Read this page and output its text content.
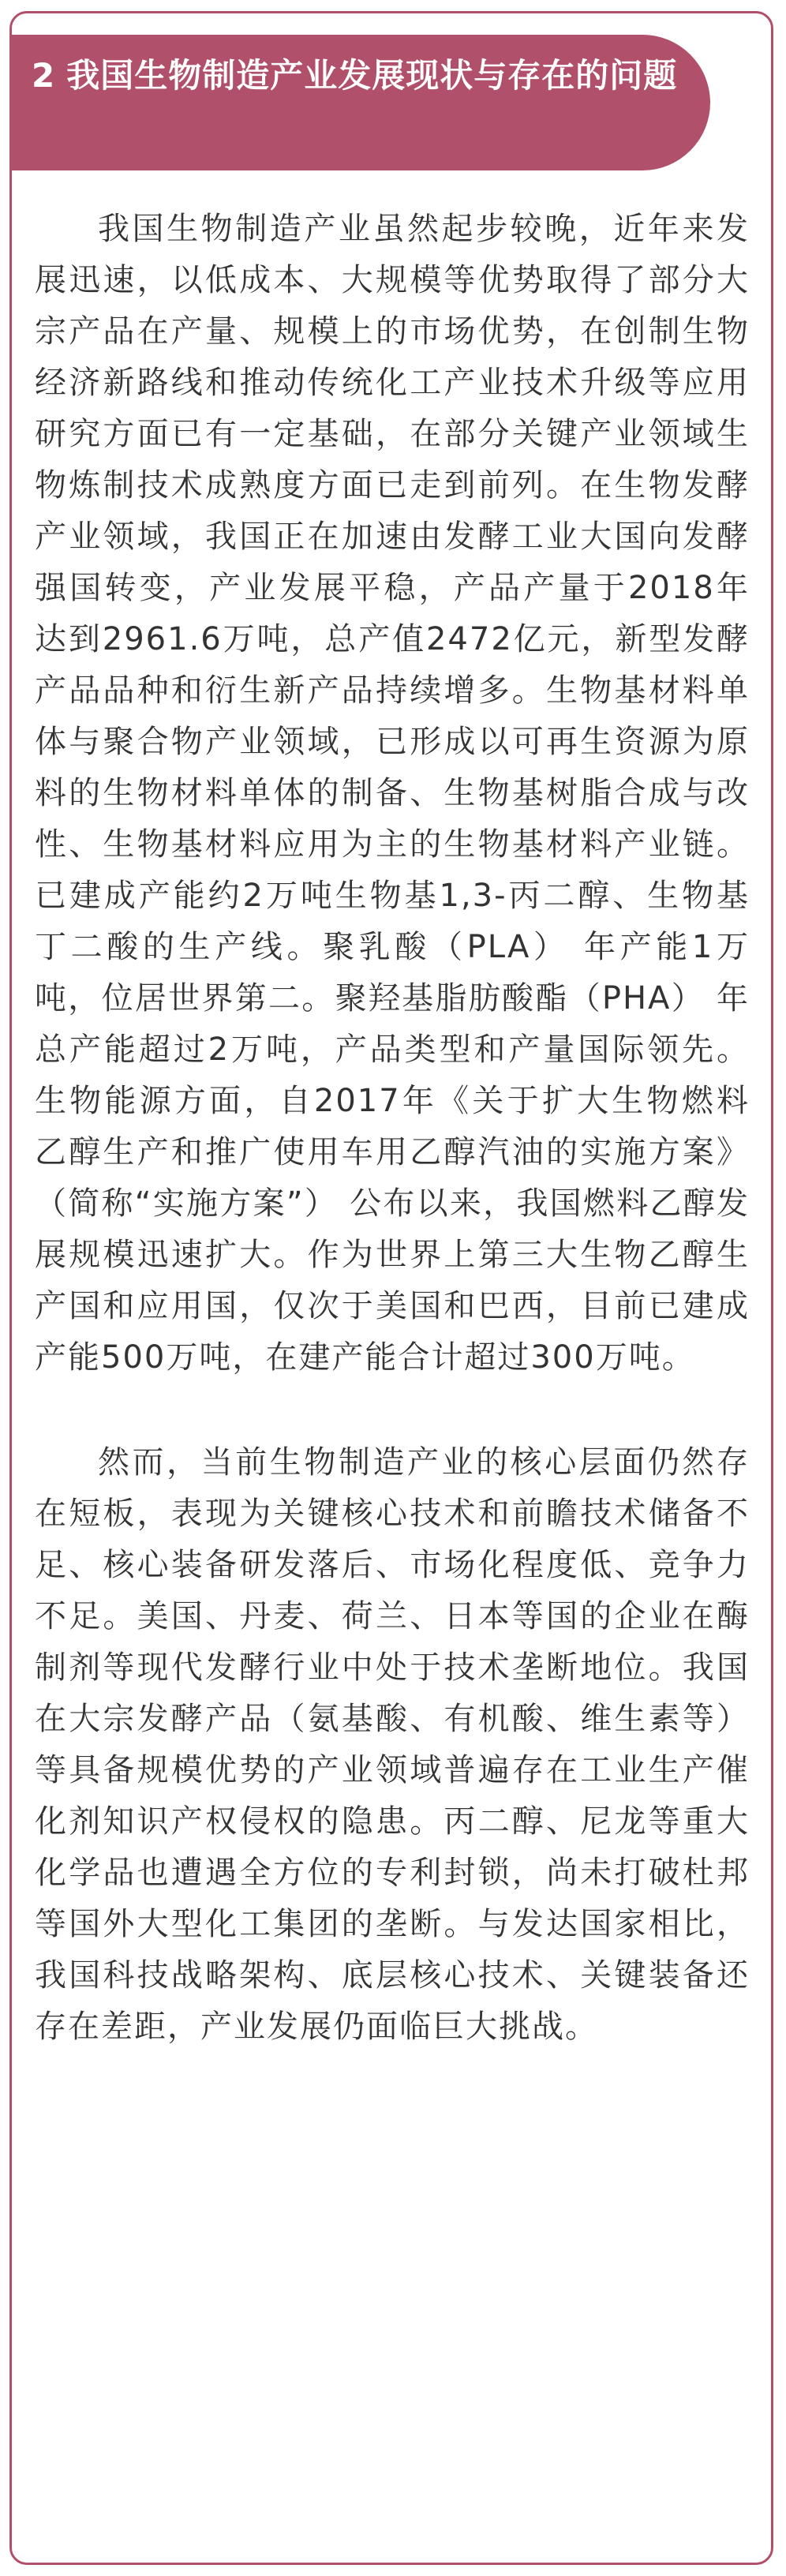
2 我国生物制造产业发展现状与存在的问题

我国生物制造产业虽然起步较晚，近年来发展迅速，以低成本、大规模等优势取得了部分大宗产品在产量、规模上的市场优势，在创制生物经济新路线和推动传统化工产业技术升级等应用研究方面已有一定基础，在部分关键产业领域生物炼制技术成熟度方面已走到前列。在生物发酵产业领域，我国正在加速由发酵工业大国向发酵强国转变，产业发展平稳，产品产量于2018年达到2961.6万吨，总产值2472亿元，新型发酵产品品种和衍生新产品持续增多。生物基材料单体与聚合物产业领域，已形成以可再生资源为原料的生物材料单体的制备、生物基树脂合成与改性、生物基材料应用为主的生物基材料产业链。已建成产能约2万吨生物基1,3-丙二醇、生物基丁二酸的生产线。聚乳酸（PLA） 年产能1万吨，位居世界第二。聚羟基脂肪酸酯（PHA） 年总产能超过2万吨，产品类型和产量国际领先。生物能源方面，自2017年《关于扩大生物燃料乙醇生产和推广使用车用乙醇汽油的实施方案》（简称“实施方案”） 公布以来，我国燃料乙醇发展规模迅速扩大。作为世界上第三大生物乙醇生产国和应用国，仅次于美国和巴西，目前已建成产能500万吨，在建产能合计超过300万吨。

然而，当前生物制造产业的核心层面仍然存在短板，表现为关键核心技术和前瞻技术储备不足、核心装备研发落后、市场化程度低、竞争力不足。美国、丹麦、荷兰、日本等国的企业在酶制剂等现代发酵行业中处于技术垄断地位。我国在大宗发酵产品（氨基酸、有机酸、维生素等） 等具备规模优势的产业领域普遍存在工业生产催化剂知识产权侵权的隐患。丙二醇、尼龙等重大化学品也遭遇全方位的专利封锁，尚未打破杜邦等国外大型化工集团的垄断。与发达国家相比，我国科技战略架构、底层核心技术、关键装备还存在差距，产业发展仍面临巨大挑战。
